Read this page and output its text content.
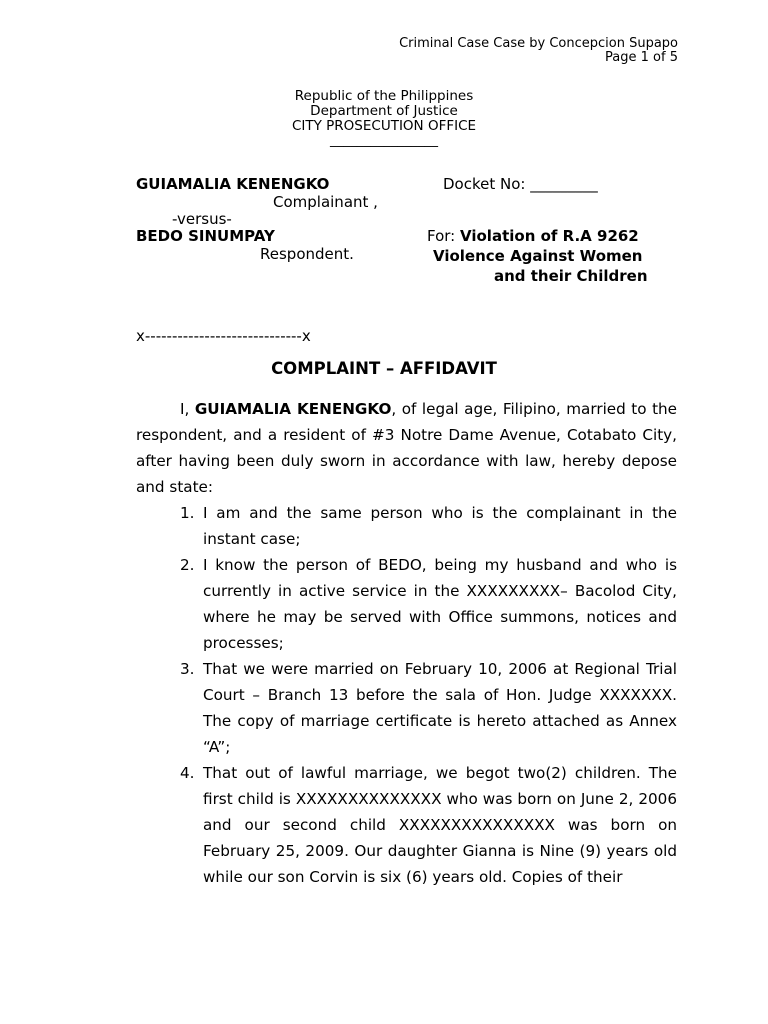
Criminal Case Case by Concepcion Supapo
Page 1 of 5
Republic of the Philippines
Department of Justice
CITY PROSECUTION OFFICE
________________
GUIAMALIA KENENGKO	Docket No: _________
Complainant ,
-versus-
BEDO SINUMPAY	For: Violation of R.A 9262
Respondent.	Violence Against Women
and their Children
x-----------------------------x
COMPLAINT – AFFIDAVIT

I, GUIAMALIA KENENGKO, of legal age, Filipino, married to the respondent, and a resident of #3 Notre Dame Avenue, Cotabato City, after having been duly sworn in accordance with law, hereby depose and state:

1. I am and the same person who is the complainant in the instant case;
2. I know the person of BEDO, being my husband and who is currently in active service in the XXXXXXXXX– Bacolod City, where he may be served with Office summons, notices and processes;
3. That we were married on February 10, 2006 at Regional Trial Court – Branch 13 before the sala of Hon. Judge XXXXXXX. The copy of marriage certificate is hereto attached as Annex “A”;
4. That out of lawful marriage, we begot two(2) children. The first child is XXXXXXXXXXXXXX who was born on June 2, 2006 and our second child XXXXXXXXXXXXXXX was born on February 25, 2009. Our daughter Gianna is Nine (9) years old while our son Corvin is six (6) years old. Copies of their
